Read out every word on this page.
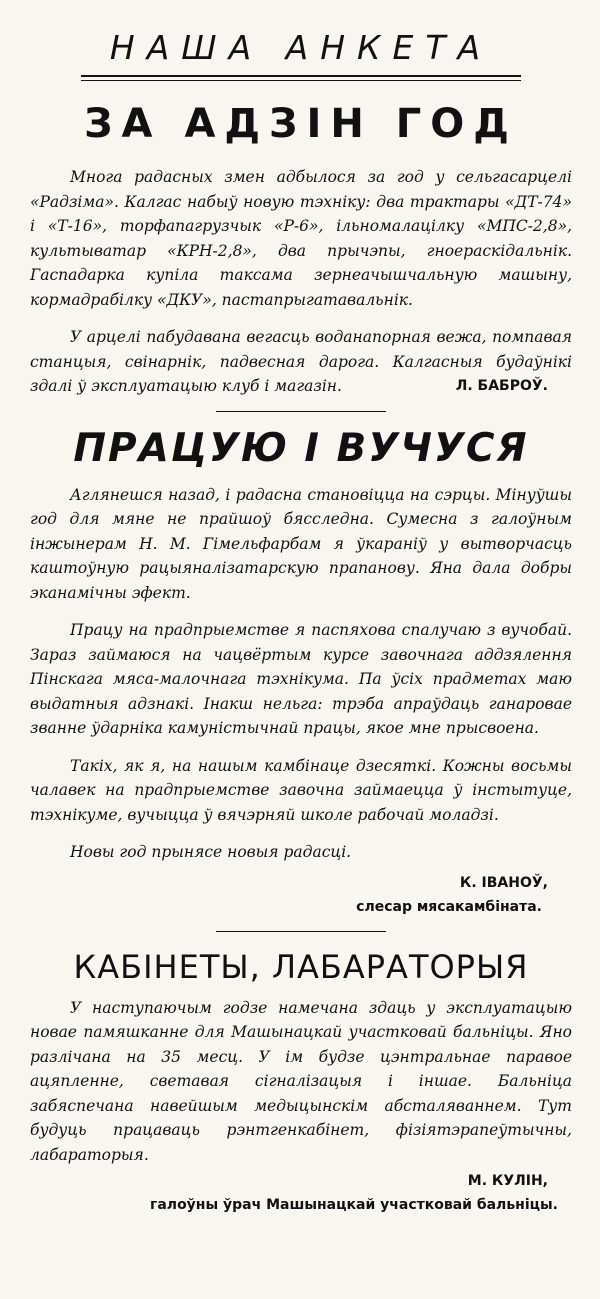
НАША АНКЕТА
ЗА АДЗІН ГОД

Многа радасных змен адбылося за год у сельгасарцелі «Радзіма». Калгас набыў новую тэхніку: два трактары «ДТ-74» і «Т-16», торфапагрузчык «Р-6», ільномалацілку «МПС-2,8», культыватар «КРН-2,8», два прычэпы, гноераскідальнік. Гаспадарка купіла таксама зернеачышчальную машыну, кормадрабілку «ДКУ», пастапрыгатавальнік.

У арцелі пабудавана вегасць воданапорная вежа, помпавая станцыя, свінарнік, падвесная дарога. Калгасныя будаўнікі здалі ў эксплуатацыю клуб і магазін.	Л. БАБРОЎ.

ПРАЦУЮ І ВУЧУСЯ

Аглянешся назад, і радасна становіцца на сэрцы. Мінуўшы год для мяне не прайшоў бясследна. Сумесна з галоўным інжынерам Н. М. Гімельфарбам я ўкараніў у вытворчасць каштоўную рацыяналізатарскую прапанову. Яна дала добры эканамічны эфект.

Працу на прадпрыемстве я паспяхова спалучаю з вучобай. Зараз займаюся на чацвёртым курсе завочнага аддзялення Пінскага мяса-малочнага тэхнікума. Па ўсіх прадметах маю выдатныя адзнакі. Інакш нельга: трэба апраўдаць ганаровае званне ўдарніка камуністычнай працы, якое мне прысвоена.

Такіх, як я, на нашым камбінаце дзесяткі. Кожны восьмы чалавек на прадпрыемстве завочна займаецца ў інстытуце, тэхнікуме, вучыцца ў вячэрняй школе рабочай моладзі.

Новы год прынясе новыя радасці.

К. ІВАНОЎ,
слесар мясакамбіната.
КАБІНЕТЫ, ЛАБАРАТОРЫЯ

У наступаючым годзе намечана здаць у эксплуатацыю новае памяшканне для Машынацкай участковай бальніцы. Яно разлічана на 35 месц. У ім будзе цэнтральнае паравое ацяпленне, светавая сігналізацыя і іншае. Бальніца забяспечана навейшым медыцынскім абсталяваннем. Тут будуць працаваць рэнтгенкабінет, фізіятэрапеўтычны, лабараторыя.

М. КУЛІН,
галоўны ўрач Машынацкай участковай бальніцы.
